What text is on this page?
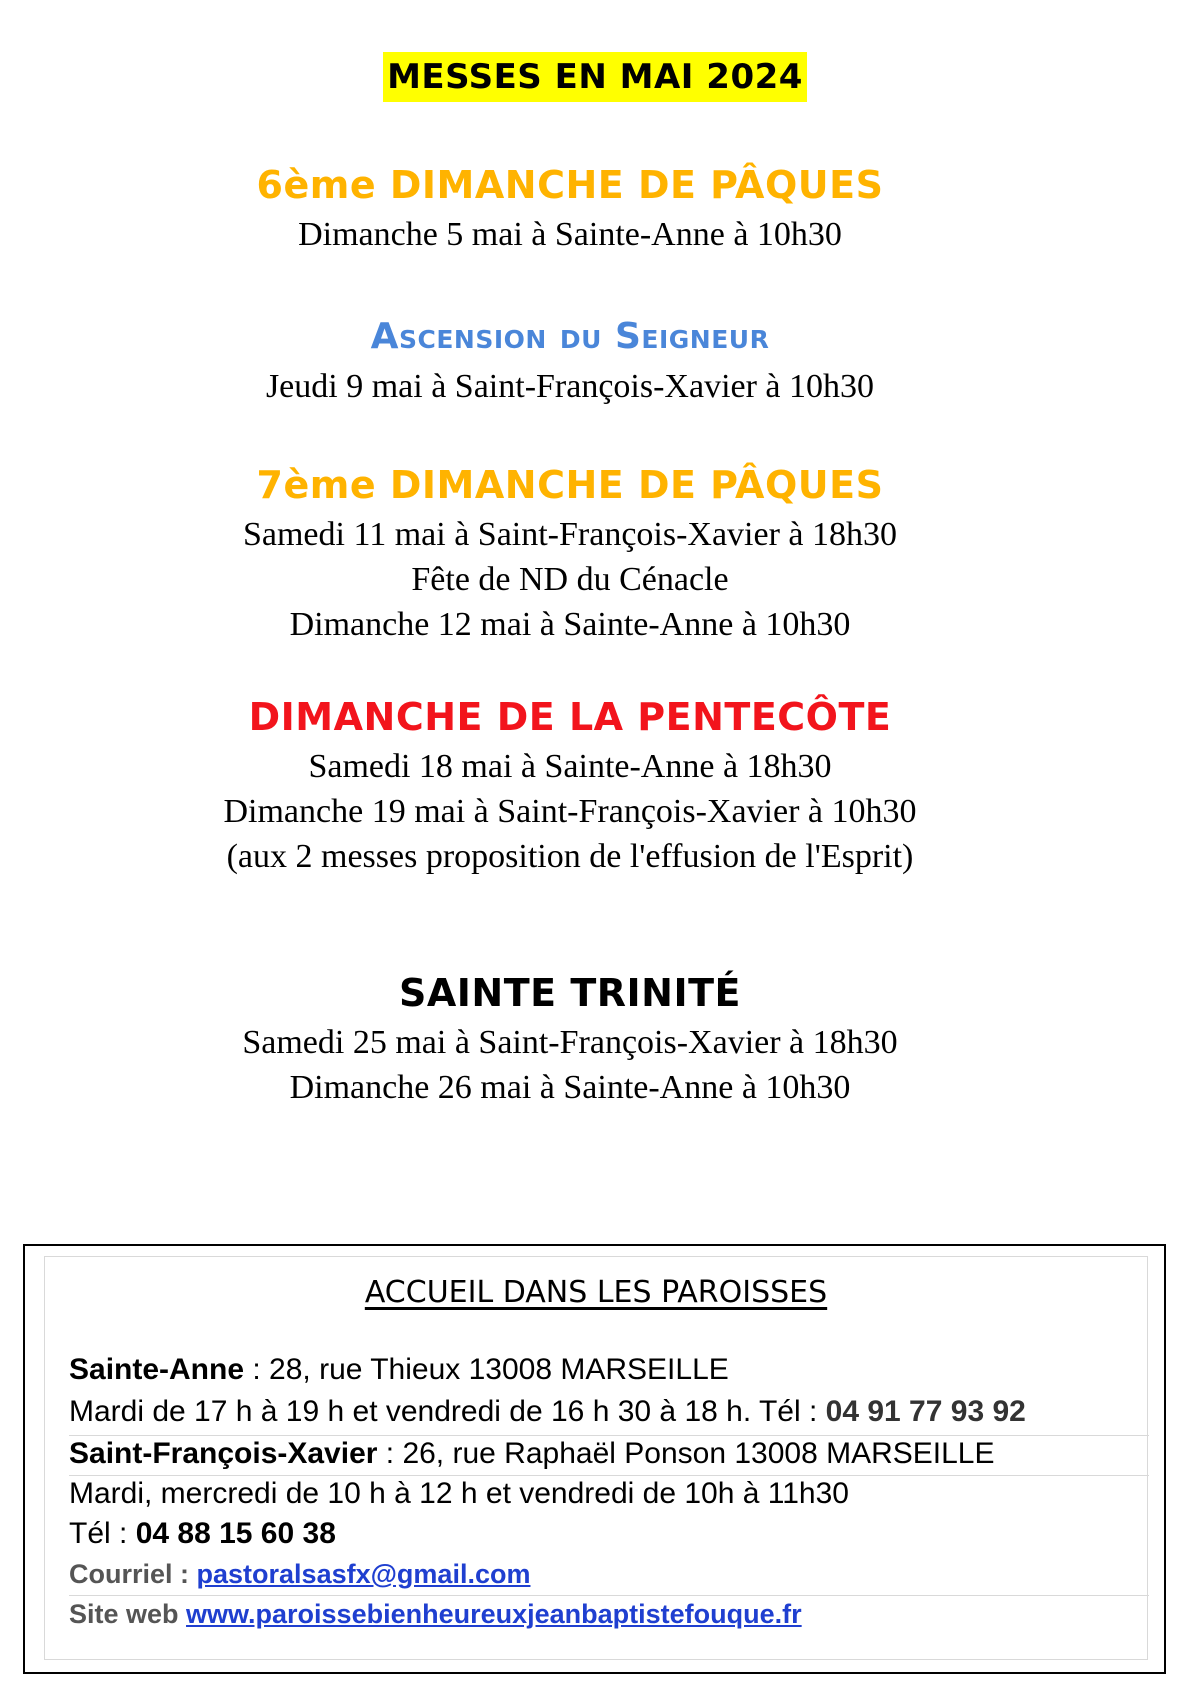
MESSES EN MAI 2024
6ème DIMANCHE DE PÂQUES
Dimanche 5 mai à Sainte-Anne à 10h30
Ascension du Seigneur
Jeudi 9 mai à Saint-François-Xavier à 10h30
7ème DIMANCHE DE PÂQUES
Samedi 11 mai à Saint-François-Xavier à 18h30
Fête de ND du Cénacle
Dimanche 12 mai à Sainte-Anne à 10h30
DIMANCHE DE LA PENTECÔTE
Samedi 18 mai à Sainte-Anne à 18h30
Dimanche 19 mai à Saint-François-Xavier à 10h30
(aux 2 messes proposition de l'effusion de l'Esprit)
SAINTE TRINITÉ
Samedi 25 mai à Saint-François-Xavier à 18h30
Dimanche 26 mai à Sainte-Anne à 10h30
ACCUEIL DANS LES PAROISSES
Sainte-Anne : 28, rue Thieux 13008 MARSEILLE
Mardi de 17 h à 19 h et vendredi de 16 h 30 à 18 h. Tél : 04 91 77 93 92
Saint-François-Xavier : 26, rue Raphaël Ponson 13008 MARSEILLE
Mardi, mercredi de 10 h à 12 h et vendredi de 10h à 11h30
Tél : 04 88 15 60 38
Courriel : pastoralsasfx@gmail.com
Site web www.paroissebienheureuxjeanbaptistefouque.fr
